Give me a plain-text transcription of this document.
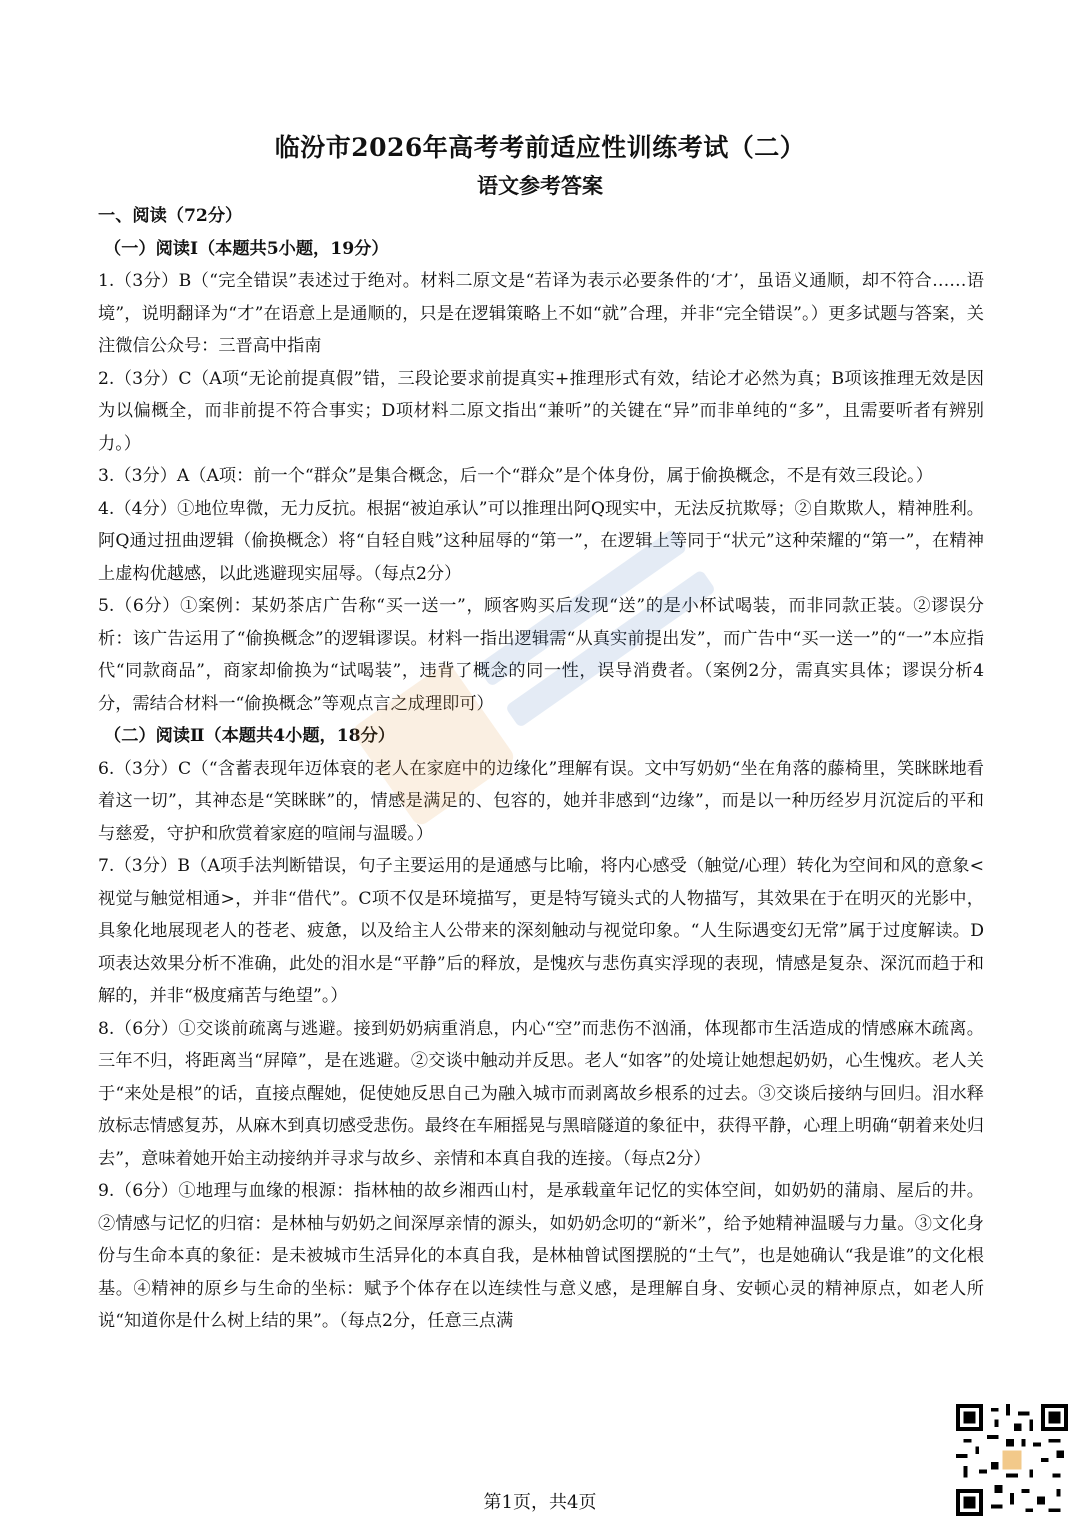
临汾市2026年高考考前适应性训练考试（二）
语文参考答案

一、阅读（72分）

（一）阅读Ⅰ（本题共5小题，19分）

1.（3分）B（“完全错误”表述过于绝对。材料二原文是“若译为表示必要条件的‘才’，虽语义通顺，却不符合……语境”，说明翻译为“才”在语意上是通顺的，只是在逻辑策略上不如“就”合理，并非“完全错误”。）更多试题与答案，关注微信公众号：三晋高中指南

2.（3分）C（A项“无论前提真假”错，三段论要求前提真实+推理形式有效，结论才必然为真；B项该推理无效是因为以偏概全，而非前提不符合事实；D项材料二原文指出“兼听”的关键在“异”而非单纯的“多”，且需要听者有辨别力。）

3.（3分）A（A项：前一个“群众”是集合概念，后一个“群众”是个体身份，属于偷换概念，不是有效三段论。）

4.（4分）①地位卑微，无力反抗。根据“被迫承认”可以推理出阿Q现实中，无法反抗欺辱；②自欺欺人，精神胜利。阿Q通过扭曲逻辑（偷换概念）将“自轻自贱”这种屈辱的“第一”，在逻辑上等同于“状元”这种荣耀的“第一”，在精神上虚构优越感，以此逃避现实屈辱。（每点2分）

5.（6分）①案例：某奶茶店广告称“买一送一”，顾客购买后发现“送”的是小杯试喝装，而非同款正装。②谬误分析：该广告运用了“偷换概念”的逻辑谬误。材料一指出逻辑需“从真实前提出发”，而广告中“买一送一”的“一”本应指代“同款商品”，商家却偷换为“试喝装”，违背了概念的同一性，误导消费者。（案例2分，需真实具体；谬误分析4分，需结合材料一“偷换概念”等观点言之成理即可）

（二）阅读Ⅱ（本题共4小题，18分）

6.（3分）C（“含蓄表现年迈体衰的老人在家庭中的边缘化”理解有误。文中写奶奶“坐在角落的藤椅里，笑眯眯地看着这一切”，其神态是“笑眯眯”的，情感是满足的、包容的，她并非感到“边缘”，而是以一种历经岁月沉淀后的平和与慈爱，守护和欣赏着家庭的喧闹与温暖。）

7.（3分）B（A项手法判断错误，句子主要运用的是通感与比喻，将内心感受（触觉/心理）转化为空间和风的意象<视觉与触觉相通>，并非“借代”。C项不仅是环境描写，更是特写镜头式的人物描写，其效果在于在明灭的光影中，具象化地展现老人的苍老、疲惫，以及给主人公带来的深刻触动与视觉印象。“人生际遇变幻无常”属于过度解读。D项表达效果分析不准确，此处的泪水是“平静”后的释放，是愧疚与悲伤真实浮现的表现，情感是复杂、深沉而趋于和解的，并非“极度痛苦与绝望”。）

8.（6分）①交谈前疏离与逃避。接到奶奶病重消息，内心“空”而悲伤不汹涌，体现都市生活造成的情感麻木疏离。三年不归，将距离当“屏障”，是在逃避。②交谈中触动并反思。老人“如客”的处境让她想起奶奶，心生愧疚。老人关于“来处是根”的话，直接点醒她，促使她反思自己为融入城市而剥离故乡根系的过去。③交谈后接纳与回归。泪水释放标志情感复苏，从麻木到真切感受悲伤。最终在车厢摇晃与黑暗隧道的象征中，获得平静，心理上明确“朝着来处归去”，意味着她开始主动接纳并寻求与故乡、亲情和本真自我的连接。（每点2分）

9.（6分）①地理与血缘的根源：指林柚的故乡湘西山村，是承载童年记忆的实体空间，如奶奶的蒲扇、屋后的井。②情感与记忆的归宿：是林柚与奶奶之间深厚亲情的源头，如奶奶念叨的“新米”，给予她精神温暖与力量。③文化身份与生命本真的象征：是未被城市生活异化的本真自我，是林柚曾试图摆脱的“土气”，也是她确认“我是谁”的文化根基。④精神的原乡与生命的坐标：赋予个体存在以连续性与意义感，是理解自身、安顿心灵的精神原点，如老人所说“知道你是什么树上结的果”。（每点2分，任意三点满

第1页，共4页
